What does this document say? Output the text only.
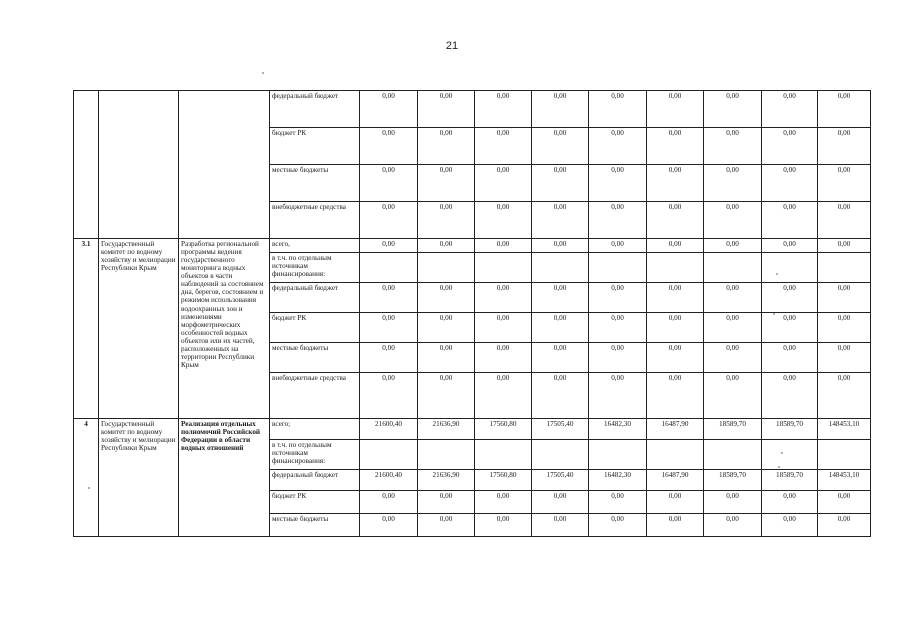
21
			федеральный бюджет	0,00	0,00	0,00	0,00	0,00	0,00	0,00	0,00	0,00
			бюджет РК	0,00	0,00	0,00	0,00	0,00	0,00	0,00	0,00	0,00
			местные бюджеты	0,00	0,00	0,00	0,00	0,00	0,00	0,00	0,00	0,00
			внебюджетные средства	0,00	0,00	0,00	0,00	0,00	0,00	0,00	0,00	0,00
3.1	Государственный комитет по водному хозяйству и мелиорации Республики Крым	Разработка региональной программы ведения государственного мониторинга водных объектов в части наблюдений за состоянием дна, берегов, состоянием и режимом использования водоохранных зон и изменениями морфометрических особенностей водных объектов или их частей, расположенных на территории Республики Крым	всего,	0,00	0,00	0,00	0,00	0,00	0,00	0,00	0,00	0,00
			в т.ч. по отдельным источникам финансирования:									
			федеральный бюджет	0,00	0,00	0,00	0,00	0,00	0,00	0,00	0,00	0,00
			бюджет РК	0,00	0,00	0,00	0,00	0,00	0,00	0,00	0,00	0,00
			местные бюджеты	0,00	0,00	0,00	0,00	0,00	0,00	0,00	0,00	0,00
			внебюджетные средства	0,00	0,00	0,00	0,00	0,00	0,00	0,00	0,00	0,00
4	Государственный комитет по водному хозяйству и мелиорации Республики Крым	Реализация отдельных полномочий Российской Федерации в области водных отношений	всего;	21600,40	21636,90	17560,80	17505,40	16482,30	16487,90	18589,70	18589,70	148453,10
			в т.ч. по отдельным источникам финансирования:									
			федеральный бюджет	21600,40	21636,90	17560,80	17505,40	16482,30	16487,90	18589,70	18589,70	148453,10
			бюджет РК	0,00	0,00	0,00	0,00	0,00	0,00	0,00	0,00	0,00
			местные бюджеты	0,00	0,00	0,00	0,00	0,00	0,00	0,00	0,00	0,00
